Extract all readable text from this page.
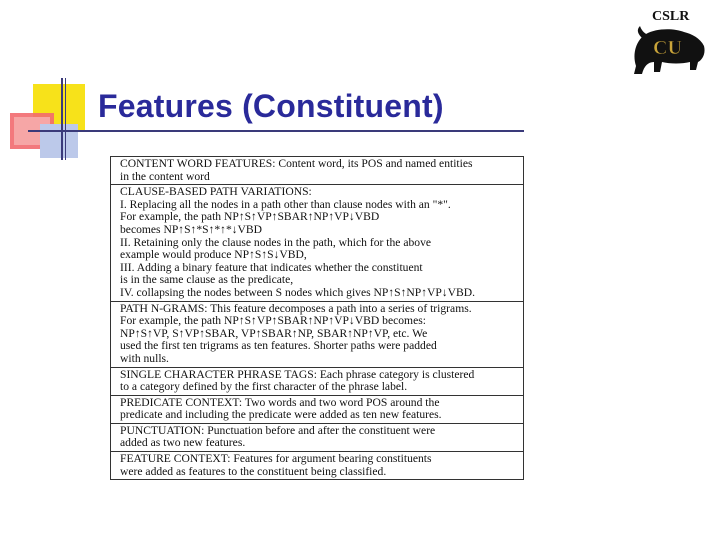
Features (Constituent)
CSLR
CU
CONTENT WORD FEATURES: Content word, its POS and named entities
in the content word
CLAUSE-BASED PATH VARIATIONS:
I. Replacing all the nodes in a path other than clause nodes with an "*".
For example, the path NP↑S↑VP↑SBAR↑NP↑VP↓VBD
becomes NP↑S↑*S↑*↑*↓VBD
II. Retaining only the clause nodes in the path, which for the above
example would produce NP↑S↑S↓VBD,
III. Adding a binary feature that indicates whether the constituent
is in the same clause as the predicate,
IV. collapsing the nodes between S nodes which gives NP↑S↑NP↑VP↓VBD.
PATH N-GRAMS: This feature decomposes a path into a series of trigrams.
For example, the path NP↑S↑VP↑SBAR↑NP↑VP↓VBD becomes:
NP↑S↑VP, S↑VP↑SBAR, VP↑SBAR↑NP, SBAR↑NP↑VP, etc. We
used the first ten trigrams as ten features. Shorter paths were padded
with nulls.
SINGLE CHARACTER PHRASE TAGS: Each phrase category is clustered
to a category defined by the first character of the phrase label.
PREDICATE CONTEXT: Two words and two word POS around the
predicate and including the predicate were added as ten new features.
PUNCTUATION: Punctuation before and after the constituent were
added as two new features.
FEATURE CONTEXT: Features for argument bearing constituents
were added as features to the constituent being classified.
